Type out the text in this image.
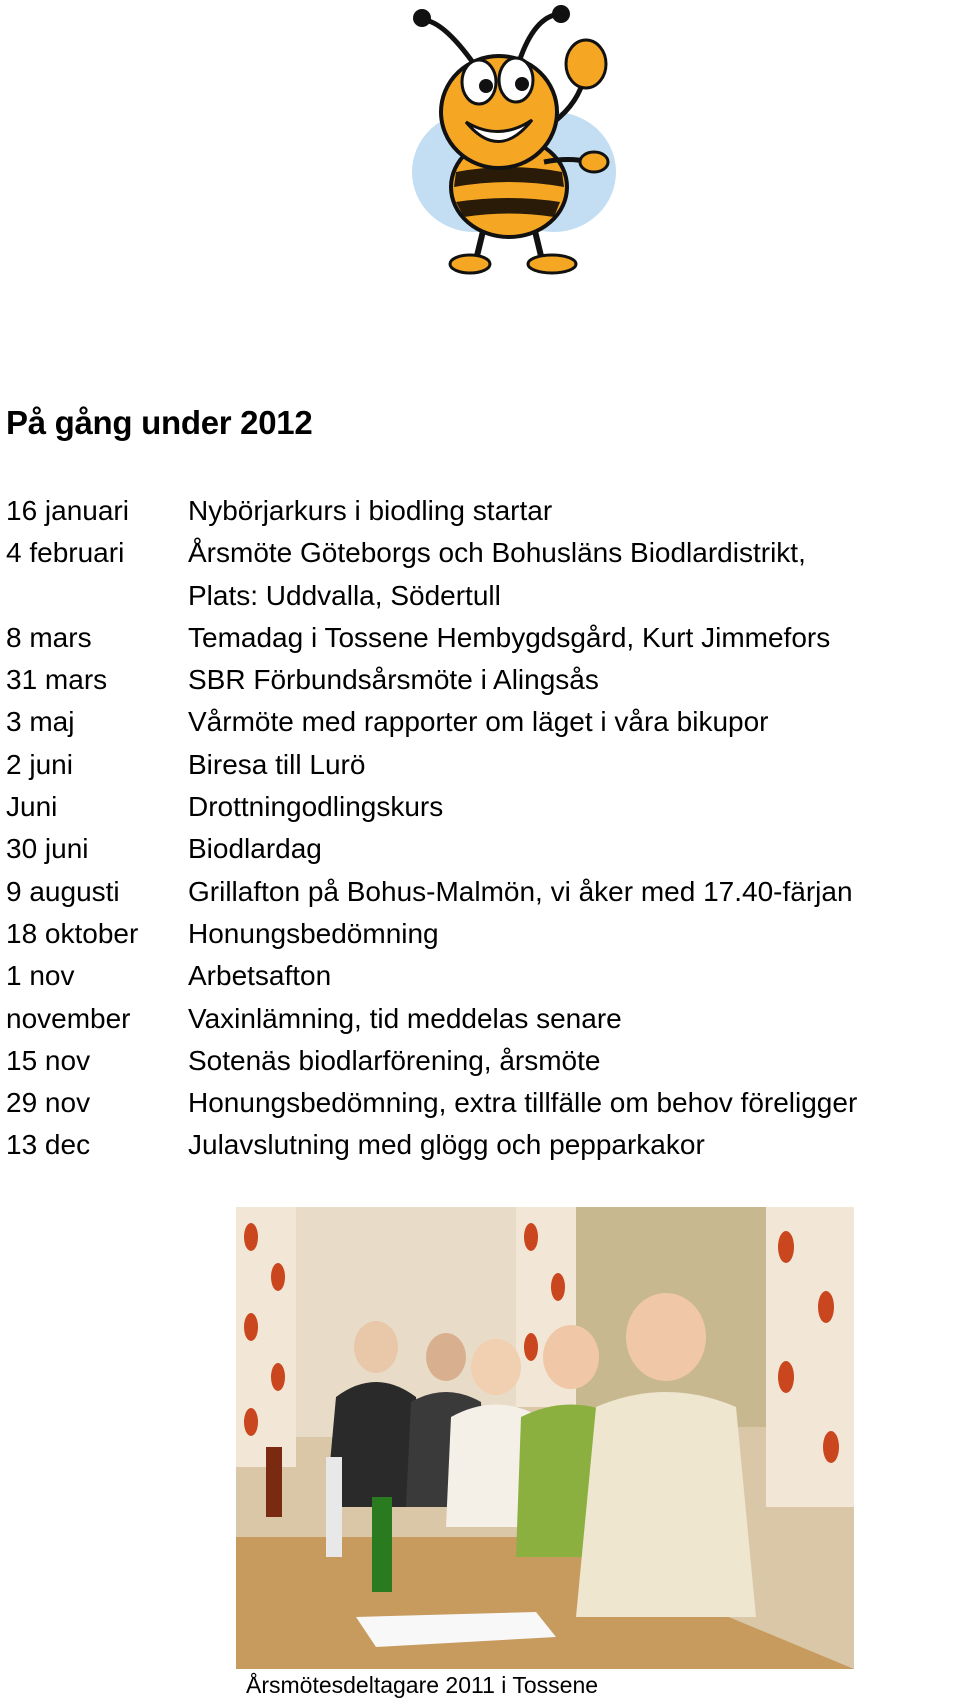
På gång under 2012
16 januari Nybörjarkurs i biodling startar
4 februari Årsmöte Göteborgs och Bohusläns Biodlardistrikt,
Plats: Uddvalla, Södertull
8 mars	Temadag i Tossene Hembygdsgård, Kurt Jimmefors
31 mars	SBR Förbundsårsmöte i Alingsås
3 maj	Vårmöte med rapporter om läget i våra bikupor
2 juni	Biresa till Lurö
Juni	Drottningodlingskurs
30 juni	Biodlardag
9 augusti Grillafton på Bohus-Malmön, vi åker med 17.40-färjan
18 oktober Honungsbedömning
1 nov	Arbetsafton
november Vaxinlämning, tid meddelas senare
15 nov	Sotenäs biodlarförening, årsmöte
29 nov	Honungsbedömning, extra tillfälle om behov föreligger
13 dec	Julavslutning med glögg och pepparkakor
Årsmötesdeltagare 2011 i Tossene
